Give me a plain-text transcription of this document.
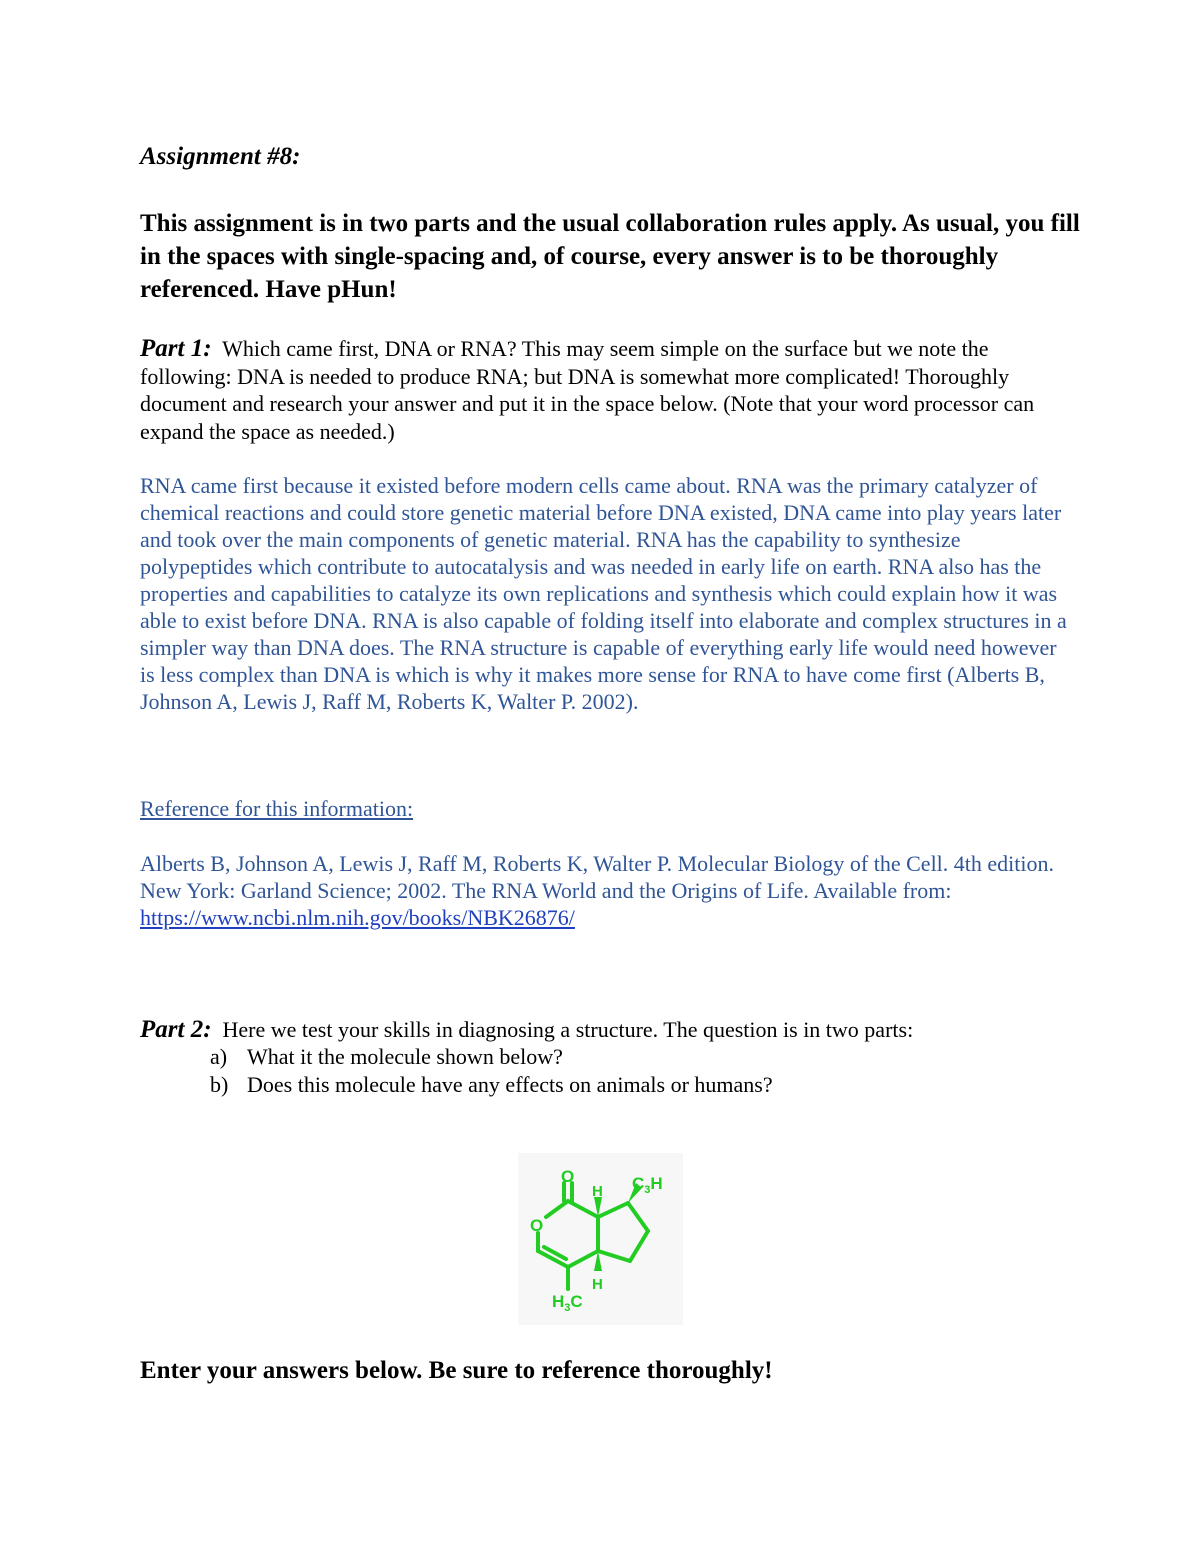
Assignment #8:

This assignment is in two parts and the usual collaboration rules apply. As usual, you fill in the spaces with single-spacing and, of course, every answer is to be thoroughly referenced. Have pHun!

Part 1: Which came first, DNA or RNA? This may seem simple on the surface but we note the following: DNA is needed to produce RNA; but DNA is somewhat more complicated! Thoroughly document and research your answer and put it in the space below. (Note that your word processor can expand the space as needed.)

RNA came first because it existed before modern cells came about. RNA was the primary catalyzer of chemical reactions and could store genetic material before DNA existed, DNA came into play years later and took over the main components of genetic material. RNA has the capability to synthesize polypeptides which contribute to autocatalysis and was needed in early life on earth. RNA also has the properties and capabilities to catalyze its own replications and synthesis which could explain how it was able to exist before DNA. RNA is also capable of folding itself into elaborate and complex structures in a simpler way than DNA does. The RNA structure is capable of everything early life would need however is less complex than DNA is which is why it makes more sense for RNA to have come first (Alberts B, Johnson A, Lewis J, Raff M, Roberts K, Walter P. 2002).

Reference for this information:

Alberts B, Johnson A, Lewis J, Raff M, Roberts K, Walter P. Molecular Biology of the Cell. 4th edition. New York: Garland Science; 2002. The RNA World and the Origins of Life. Available from: https://www.ncbi.nlm.nih.gov/books/NBK26876/

Part 2: Here we test your skills in diagnosing a structure. The question is in two parts:

a) What it the molecule shown below?
b) Does this molecule have any effects on animals or humans?
O
O
H
H
$C_3H$
$H_3C$

Enter your answers below. Be sure to reference thoroughly!
